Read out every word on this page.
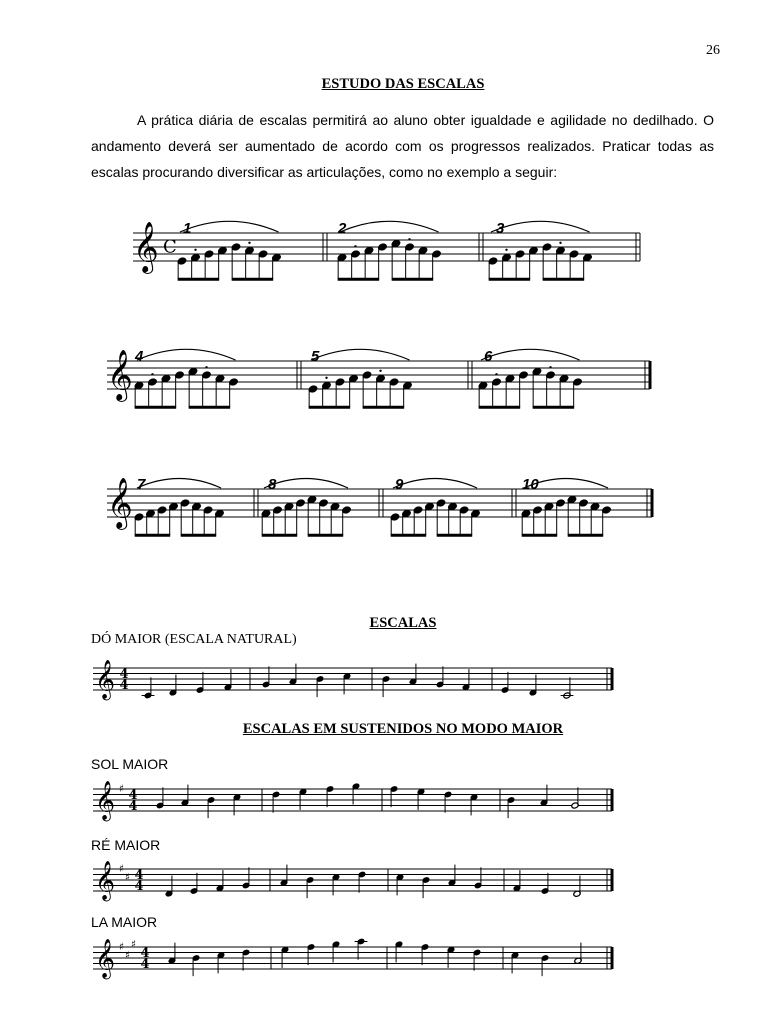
26
ESTUDO DAS ESCALAS

A prática diária de escalas permitirá ao aluno obter igualdade e agilidade no dedilhado. O andamento deverá ser aumentado de acordo com os progressos realizados. Praticar todas as escalas procurando diversificar as articulações, como no exemplo a seguir:

𝄞 C
1	2	3
𝄞 4	5	6
𝄞 7	8	9	10
𝄞 4
4
𝄞 ♯ 4
4
𝄞 ♯
♯ 4
4
𝄞 ♯
♯
♯
4
4
ESCALAS
DÓ MAIOR (ESCALA NATURAL)
ESCALAS EM SUSTENIDOS NO MODO MAIOR
SOL MAIOR
RÉ MAIOR
LA MAIOR
